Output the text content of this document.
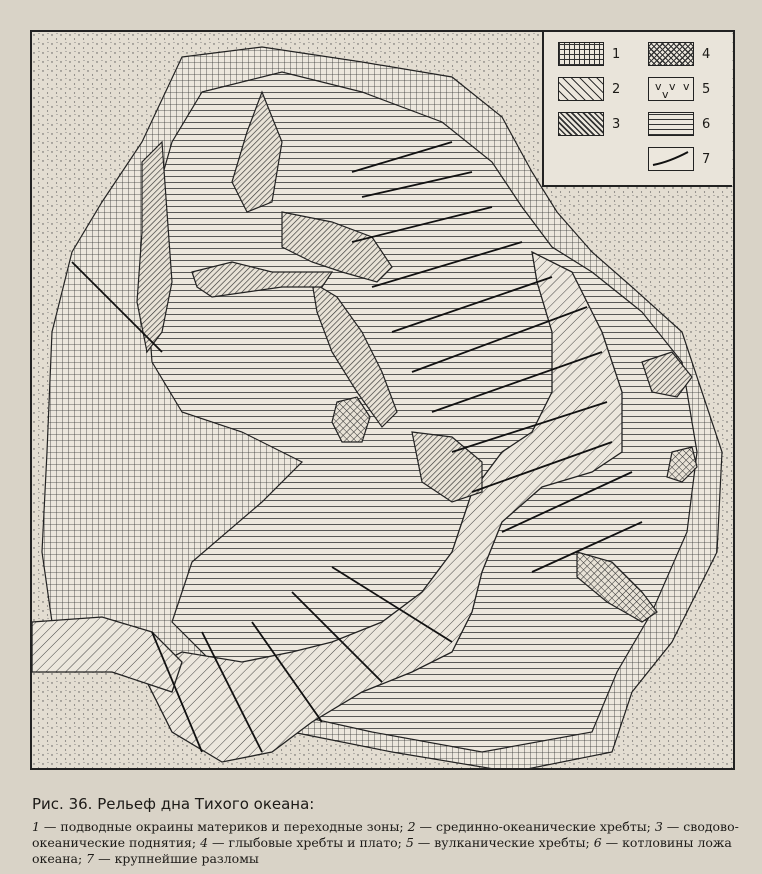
1	4
2	v v v
v	5
3	6
7

Рис. 36. Рельеф дна Тихого океана:

1 — подводные окраины материков и переходные зоны; 2 — срединно-океанические хребты; 3 — сводово-океанические поднятия; 4 — глыбовые хребты и плато; 5 — вулканические хребты; 6 — котловины ложа океана; 7 — крупнейшие разломы
